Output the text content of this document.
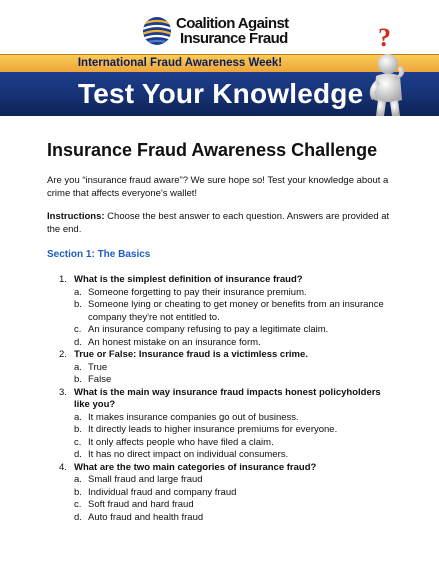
Coalition Against
Insurance Fraud
International Fraud Awareness Week!
Test Your Knowledge
?
Insurance Fraud Awareness Challenge

Are you “insurance fraud aware”? We sure hope so! Test your knowledge about a crime that affects everyone's wallet!

Instructions: Choose the best answer to each question. Answers are provided at the end.

Section 1: The Basics
1. What is the simplest definition of insurance fraud?
a. Someone forgetting to pay their insurance premium.
b. Someone lying or cheating to get money or benefits from an insurance company they're not entitled to.
c. An insurance company refusing to pay a legitimate claim.
d. An honest mistake on an insurance form.
2. True or False: Insurance fraud is a victimless crime.
a. True
b. False
3. What is the main way insurance fraud impacts honest policyholders like you?
a. It makes insurance companies go out of business.
b. It directly leads to higher insurance premiums for everyone.
c. It only affects people who have filed a claim.
d. It has no direct impact on individual consumers.
4. What are the two main categories of insurance fraud?
a. Small fraud and large fraud
b. Individual fraud and company fraud
c. Soft fraud and hard fraud
d. Auto fraud and health fraud
